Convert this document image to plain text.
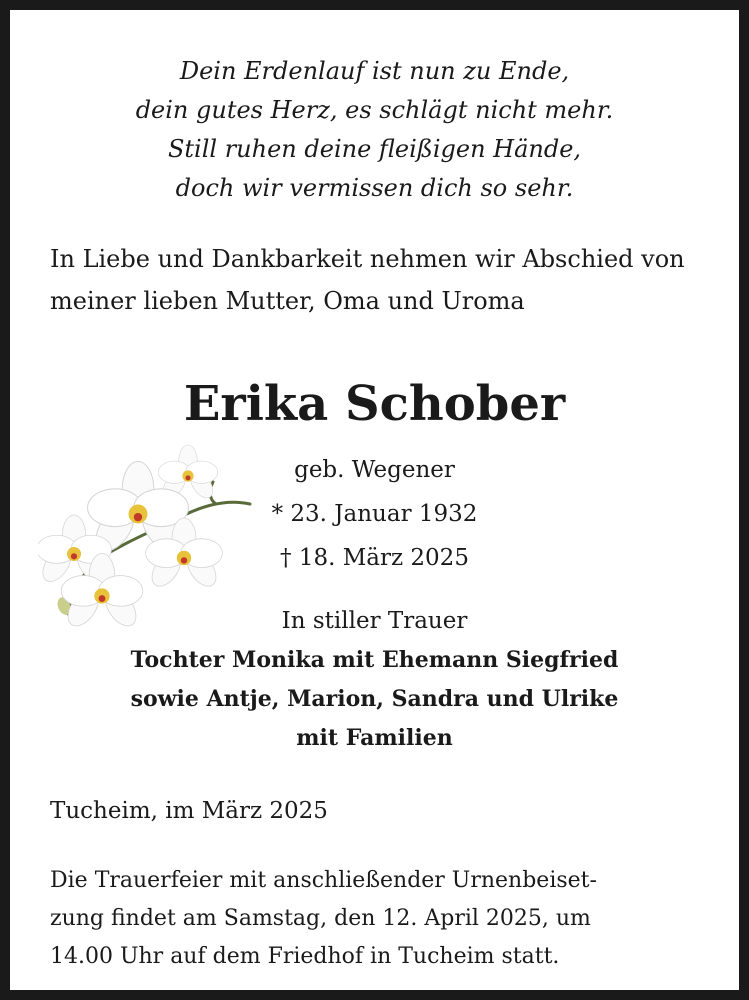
Dein Erdenlauf ist nun zu Ende,
dein gutes Herz, es schlägt nicht mehr.
Still ruhen deine fleißigen Hände,
doch wir vermissen dich so sehr.
In Liebe und Dankbarkeit nehmen wir Abschied von
meiner lieben Mutter, Oma und Uroma
Erika Schober
geb. Wegener
* 23. Januar 1932
† 18. März 2025
In stiller Trauer
Tochter Monika mit Ehemann Siegfried
sowie Antje, Marion, Sandra und Ulrike
mit Familien
Tucheim, im März 2025
Die Trauerfeier mit anschließender Urnenbeiset-
zung findet am Samstag, den 12. April 2025, um
14.00 Uhr auf dem Friedhof in Tucheim statt.
